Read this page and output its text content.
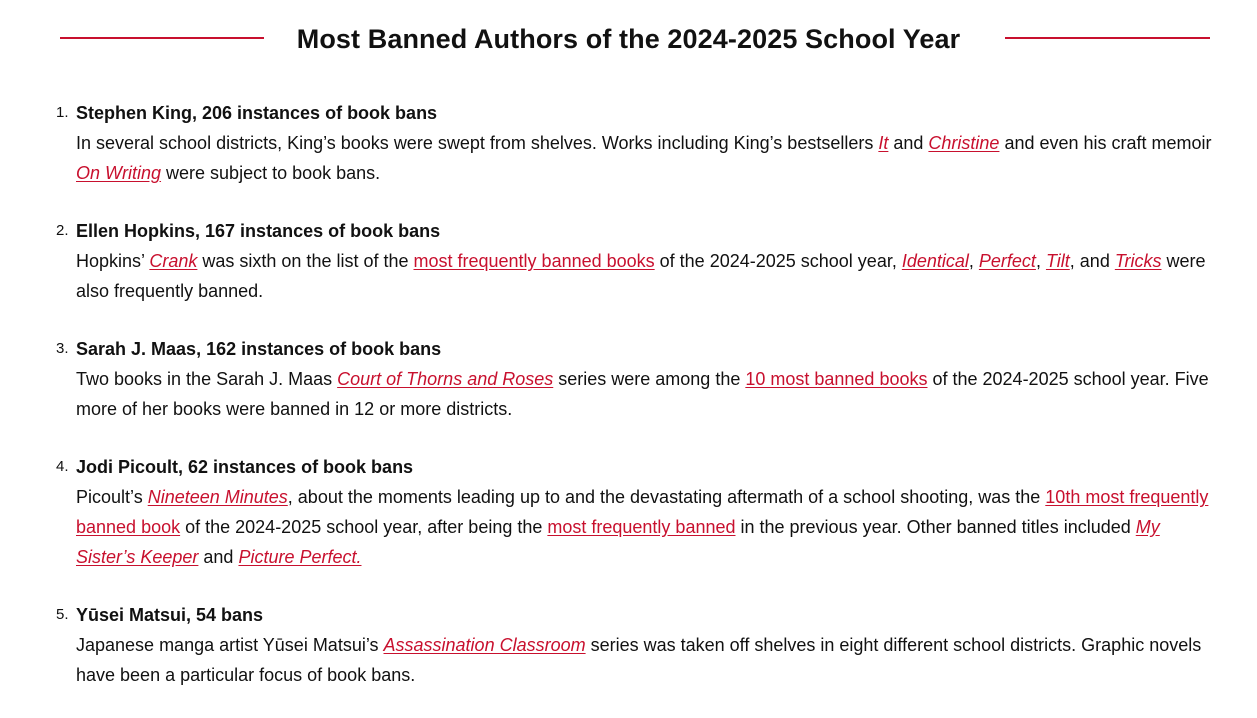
Most Banned Authors of the 2024-2025 School Year
1. Stephen King, 206 instances of book bans
In several school districts, King’s books were swept from shelves. Works including King’s bestsellers It and Christine and even his craft memoir On Writing were subject to book bans.
2. Ellen Hopkins, 167 instances of book bans
Hopkins’ Crank was sixth on the list of the most frequently banned books of the 2024-2025 school year, Identical, Perfect, Tilt, and Tricks were also frequently banned.
3. Sarah J. Maas, 162 instances of book bans
Two books in the Sarah J. Maas Court of Thorns and Roses series were among the 10 most banned books of the 2024-2025 school year. Five more of her books were banned in 12 or more districts.
4. Jodi Picoult, 62 instances of book bans
Picoult’s Nineteen Minutes, about the moments leading up to and the devastating aftermath of a school shooting, was the 10th most frequently banned book of the 2024-2025 school year, after being the most frequently banned in the previous year. Other banned titles included My Sister’s Keeper and Picture Perfect.
5. Yūsei Matsui, 54 bans
Japanese manga artist Yūsei Matsui’s Assassination Classroom series was taken off shelves in eight different school districts. Graphic novels have been a particular focus of book bans.
